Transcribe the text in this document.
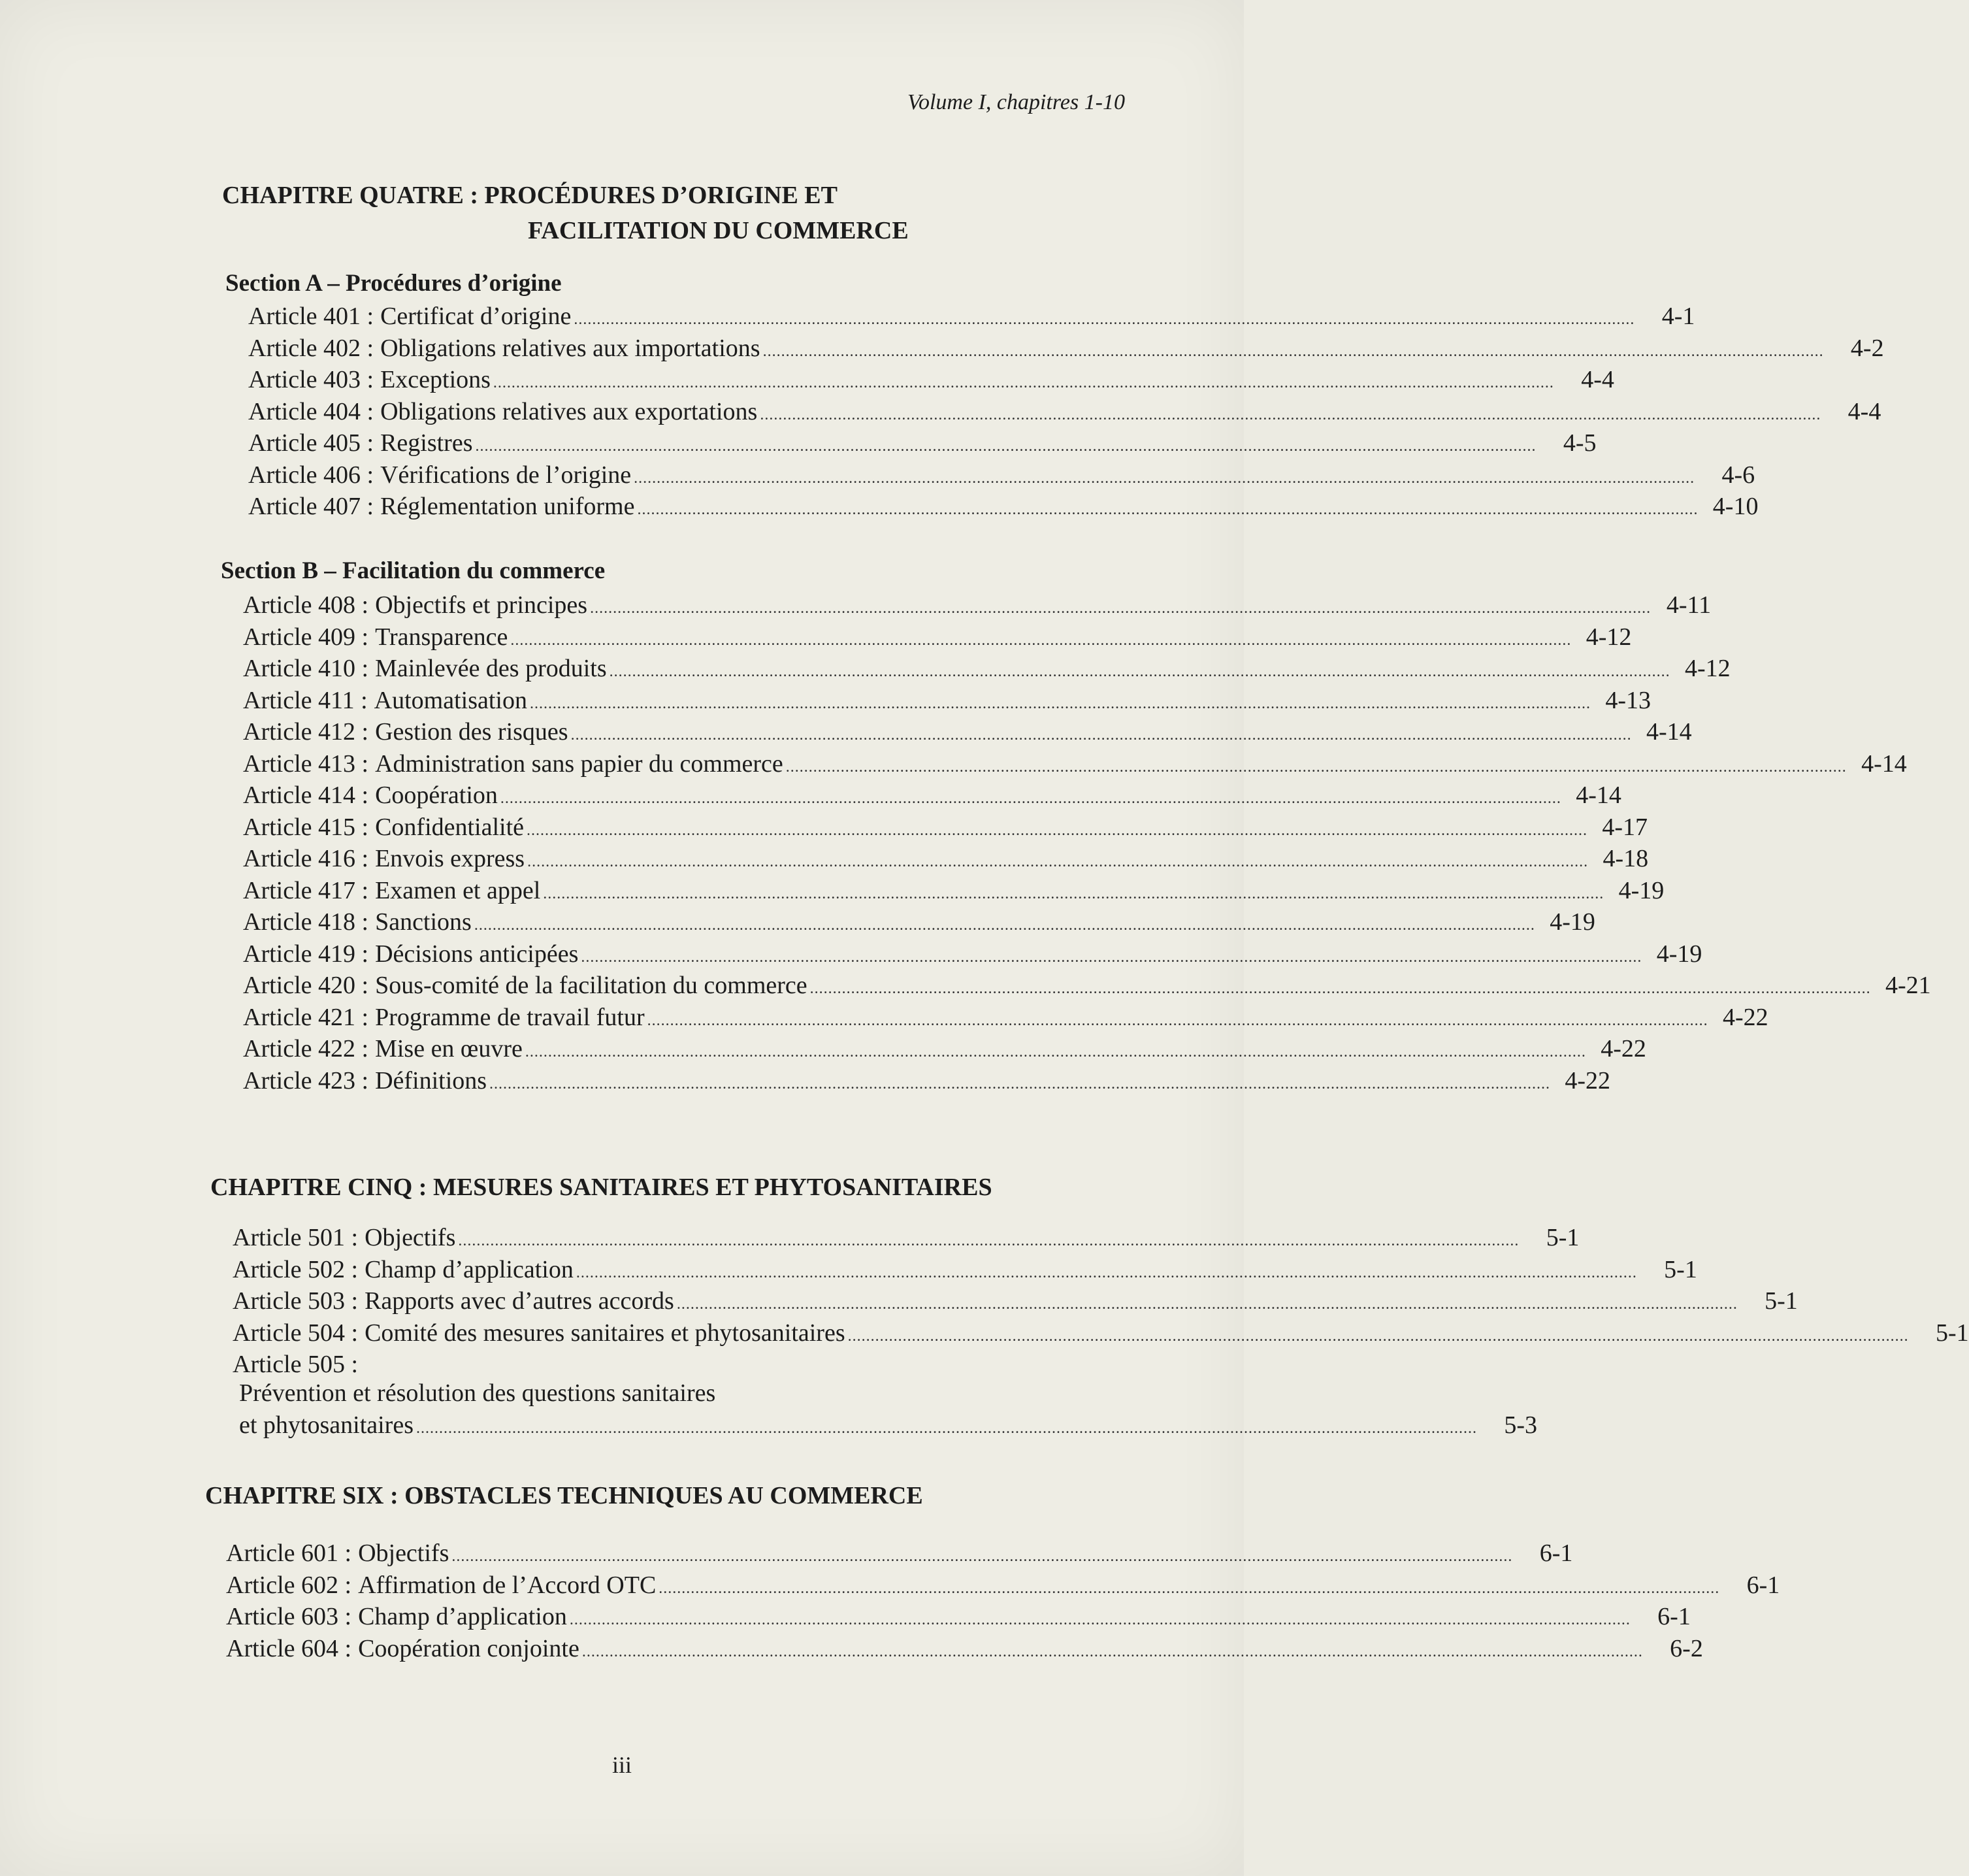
Volume I, chapitres 1-10
CHAPITRE QUATRE : PROCÉDURES D’ORIGINE ET
FACILITATION DU COMMERCE
Section A – Procédures d’origine
Article 401 : Certificat d’origine .....	4-1
Article 402 : Obligations relatives aux importations .....	4-2
Article 403 : Exceptions .....	4-4
Article 404 : Obligations relatives aux exportations .....	4-4
Article 405 : Registres .....	4-5
Article 406 : Vérifications de l’origine .....	4-6
Article 407 : Réglementation uniforme .....	4-10
Section B – Facilitation du commerce
Article 408 : Objectifs et principes .....	4-11
Article 409 : Transparence .....	4-12
Article 410 : Mainlevée des produits .....	4-12
Article 411 : Automatisation .....	4-13
Article 412 : Gestion des risques .....	4-14
Article 413 : Administration sans papier du commerce .....	4-14
Article 414 : Coopération .....	4-14
Article 415 : Confidentialité .....	4-17
Article 416 : Envois express .....	4-18
Article 417 : Examen et appel .....	4-19
Article 418 : Sanctions .....	4-19
Article 419 : Décisions anticipées .....	4-19
Article 420 : Sous-comité de la facilitation du commerce .....	4-21
Article 421 : Programme de travail futur .....	4-22
Article 422 : Mise en œuvre .....	4-22
Article 423 : Définitions .....	4-22
CHAPITRE CINQ : MESURES SANITAIRES ET PHYTOSANITAIRES
Article 501 : Objectifs .....	5-1
Article 502 : Champ d’application .....	5-1
Article 503 : Rapports avec d’autres accords .....	5-1
Article 504 : Comité des mesures sanitaires et phytosanitaires .....	5-1
Article 505 :
Prévention et résolution des questions sanitaires
et phytosanitaires .....	5-3
CHAPITRE SIX : OBSTACLES TECHNIQUES AU COMMERCE
Article 601 : Objectifs .....	6-1
Article 602 : Affirmation de l’Accord OTC .....	6-1
Article 603 : Champ d’application .....	6-1
Article 604 : Coopération conjointe .....	6-2
iii
